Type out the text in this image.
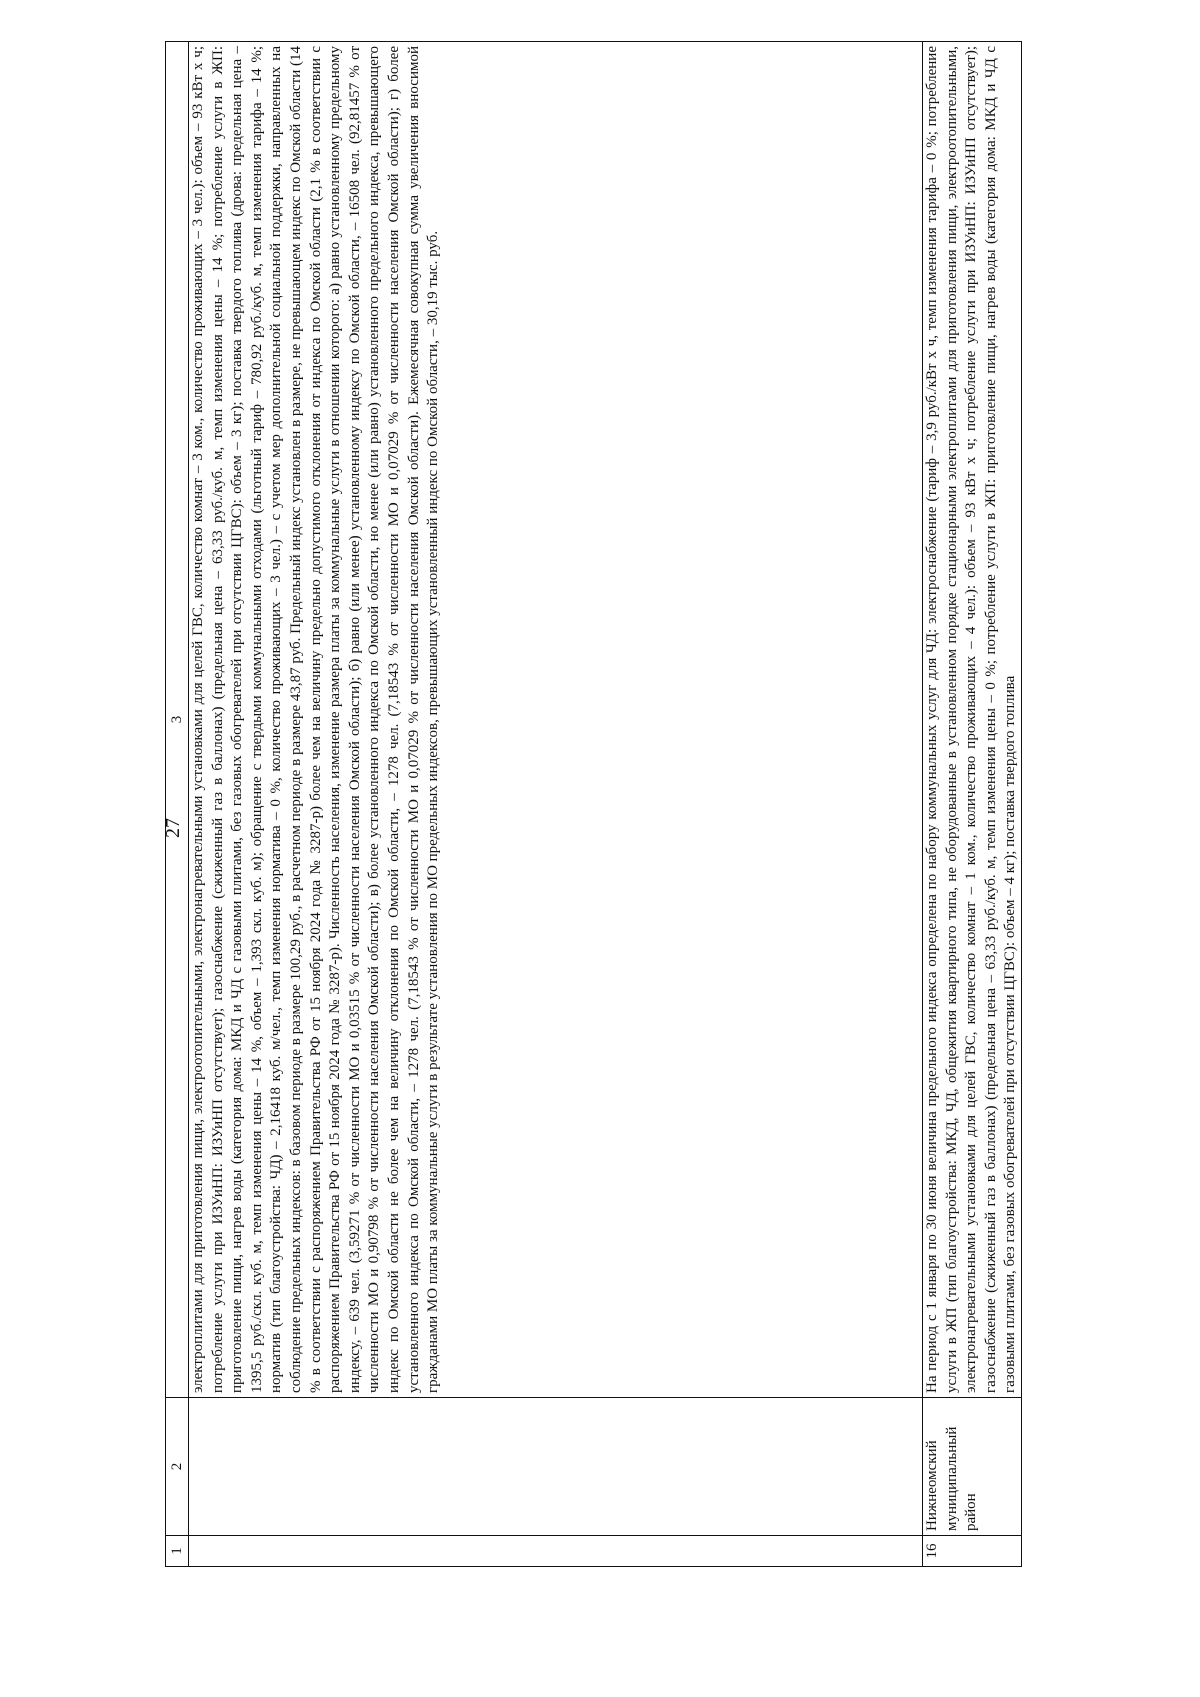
27
1	2	3
		электроплитами для приготовления пищи, электроотопительными, электронагревательными установками для целей ГВС, количество комнат – 3 ком., количество проживающих – 3 чел.): объем – 93 кВт х ч; потребление услуги при ИЗУиНП: ИЗУиНП отсутствует); газоснабжение (сжиженный газ в баллонах) (предельная цена – 63,33 руб./куб. м, темп изменения цены – 14 %; потребление услуги в ЖП: приготовление пищи, нагрев воды (категория дома: МКД и ЧД с газовыми плитами, без газовых обогревателей при отсутствии ЦГВС): объем – 3 кг); поставка твердого топлива (дрова: предельная цена – 1395,5 руб./скл. куб. м, темп изменения цены – 14 %, объем – 1,393 скл. куб. м); обращение с твердыми коммунальными отходами (льготный тариф – 780,92 руб./куб. м, темп изменения тарифа – 14 %; норматив (тип благоустройства: ЧД) – 2,16418 куб. м/чел., темп изменения норматива – 0 %, количество проживающих – 3 чел.) – с учетом мер дополнительной социальной поддержки, направленных на соблюдение предельных индексов: в базовом периоде в размере 100,29 руб., в расчетном периоде в размере 43,87 руб. Предельный индекс установлен в размере, не превышающем индекс по Омской области (14 % в соответствии с распоряжением Правительства РФ от 15 ноября 2024 года № 3287-р) более чем на величину предельно допустимого отклонения от индекса по Омской области (2,1 % в соответствии с распоряжением Правительства РФ от 15 ноября 2024 года № 3287-р). Численность населения, изменение размера платы за коммунальные услуги в отношении которого: а) равно установленному предельному индексу, – 639 чел. (3,59271 % от численности МО и 0,03515 % от численности населения Омской области); б) равно (или менее) установленному индексу по Омской области, – 16508 чел. (92,81457 % от численности МО и 0,90798 % от численности населения Омской области); в) более установленного индекса по Омской области, но менее (или равно) установленного предельного индекса, превышающего индекс по Омской области не более чем на величину отклонения по Омской области, – 1278 чел. (7,18543 % от численности МО и 0,07029 % от численности населения Омской области); г) более установленного индекса по Омской области, – 1278 чел. (7,18543 % от численности МО и 0,07029 % от численности населения Омской области). Ежемесячная совокупная сумма увеличения вносимой гражданами МО платы за коммунальные услуги в результате установления по МО предельных индексов, превышающих установленный индекс по Омской области, – 30,19 тыс. руб.
16	Нижнеомский муниципальный район	На период с 1 января по 30 июня величина предельного индекса определена по набору коммунальных услуг для ЧД: электроснабжение (тариф – 3,9 руб./кВт х ч, темп изменения тарифа – 0 %; потребление услуги в ЖП (тип благоустройства: МКД, ЧД, общежития квартирного типа, не оборудованные в установленном порядке стационарными электроплитами для приготовления пищи, электроотопительными, электронагревательными установками для целей ГВС, количество комнат – 1 ком., количество проживающих – 4 чел.): объем – 93 кВт х ч; потребление услуги при ИЗУиНП: ИЗУиНП отсутствует); газоснабжение (сжиженный газ в баллонах) (предельная цена – 63,33 руб./куб. м, темп изменения цены – 0 %; потребление услуги в ЖП: приготовление пищи, нагрев воды (категория дома: МКД и ЧД с газовыми плитами, без газовых обогревателей при отсутствии ЦГВС): объем – 4 кг); поставка твердого топлива
